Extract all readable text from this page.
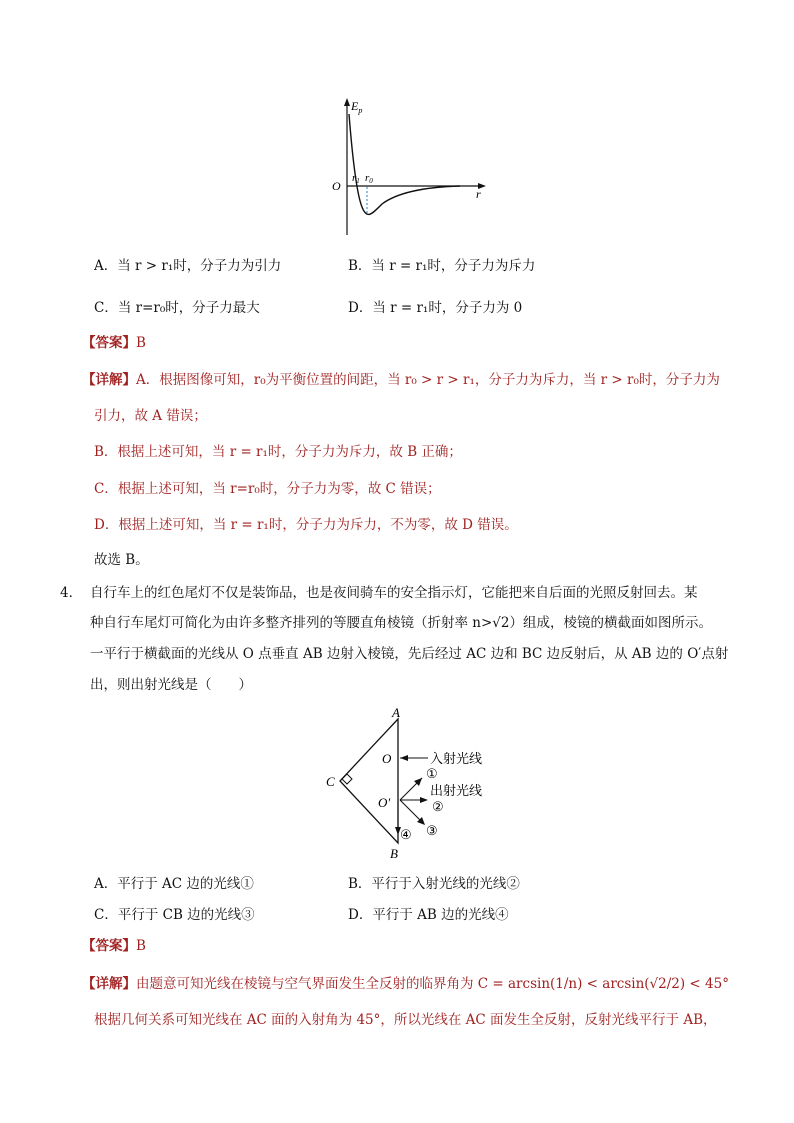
$E_p$
O
r
r1 r0
A．当 r > r₁时，分子力为引力	B．当 r = r₁时，分子力为斥力
C．当 r=r₀时，分子力最大	D．当 r = r₁时，分子力为 0
【答案】B
【详解】A．根据图像可知，r₀为平衡位置的间距，当 r₀ > r > r₁，分子力为斥力，当 r > r₀时，分子力为
引力，故 A 错误；
B．根据上述可知，当 r = r₁时，分子力为斥力，故 B 正确；
C．根据上述可知，当 r=r₀时，分子力为零，故 C 错误；
D．根据上述可知，当 r = r₁时，分子力为斥力，不为零，故 D 错误。
故选 B。
4． 自行车上的红色尾灯不仅是装饰品，也是夜间骑车的安全指示灯，它能把来自后面的光照反射回去。某
种自行车尾灯可简化为由许多整齐排列的等腰直角棱镜（折射率 n>√2）组成，棱镜的横截面如图所示。
一平行于横截面的光线从 O 点垂直 AB 边射入棱镜，先后经过 AC 边和 BC 边反射后，从 AB 边的 O′点射
出，则出射光线是（　　）
A
B
C
O
O′
入射光线
出射光线
①
②
③
④
A．平行于 AC 边的光线①	B．平行于入射光线的光线②
C．平行于 CB 边的光线③	D．平行于 AB 边的光线④
【答案】B
【详解】由题意可知光线在棱镜与空气界面发生全反射的临界角为 C = arcsin(1/n) < arcsin(√2/2) < 45°
根据几何关系可知光线在 AC 面的入射角为 45°，所以光线在 AC 面发生全反射，反射光线平行于 AB，
